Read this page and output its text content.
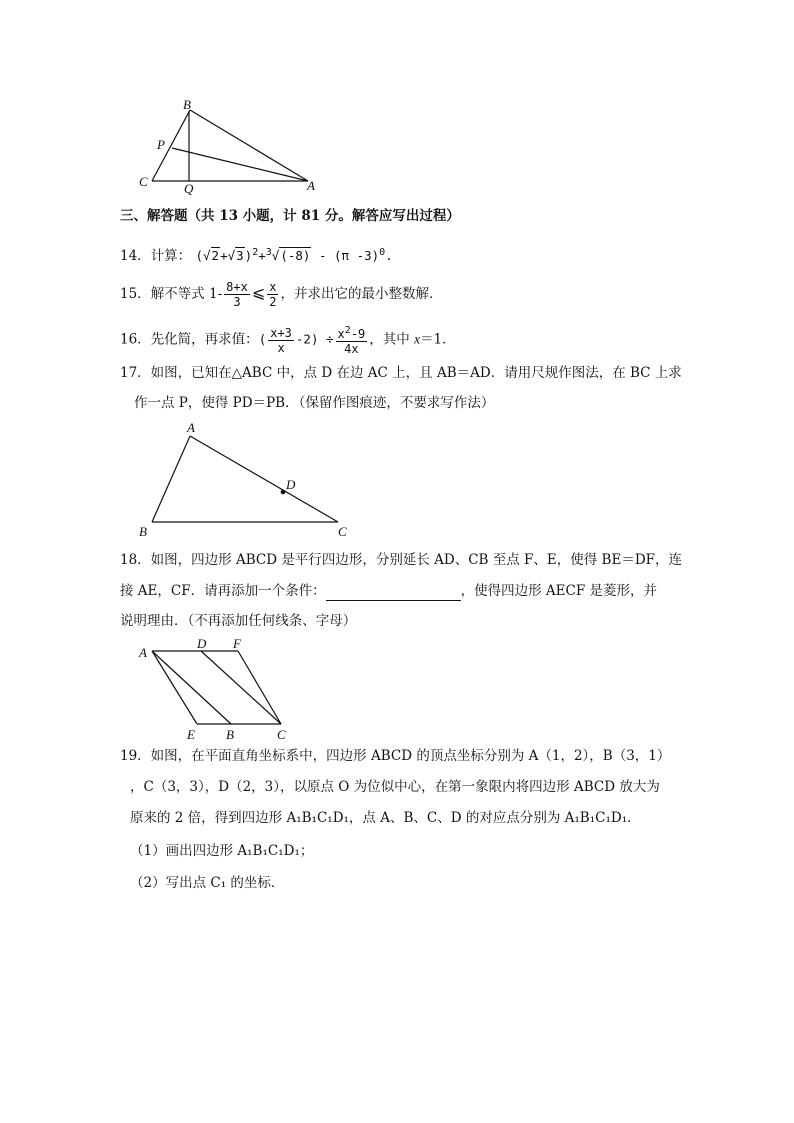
B
P
C	Q	A
三、解答题（共 13 小题，计 81 分。解答应写出过程）
14．计算： $(√2+√3)^2+^3√(-8) - (\pi$ -3)$^0$.
15．解不等式 $1- \frac{8+x}{3}$ ⩽ $\frac{x}{2}$ ，并求出它的最小整数解．
16．先化简，再求值：( $\frac{x+3}{x} -2) \div \frac{x^2-9}{4x}$ ，其中 x＝1．
17．如图，已知在△ABC 中，点 D 在边 AC 上，且 AB＝AD．请用尺规作图法，在 BC 上求
作一点 P，使得 PD＝PB．（保留作图痕迹，不要求写作法）
A
D
B	C
18．如图，四边形 ABCD 是平行四边形，分别延长 AD、CB 至点 F、E，使得 BE＝DF，连
接 AE，CF．请再添加一个条件：	，使得四边形 AECF 是菱形，并
说明理由．（不再添加任何线条、字母）
A
D F
E B	C
19．如图，在平面直角坐标系中，四边形 ABCD 的顶点坐标分别为 A（1，2），B（3，1）
，C（3，3），D（2，3），以原点 O 为位似中心，在第一象限内将四边形 ABCD 放大为
原来的 2 倍，得到四边形 A₁B₁C₁D₁，点 A、B、C、D 的对应点分别为 A₁B₁C₁D₁．
（1）画出四边形 A₁B₁C₁D₁；
（2）写出点 C₁ 的坐标．
